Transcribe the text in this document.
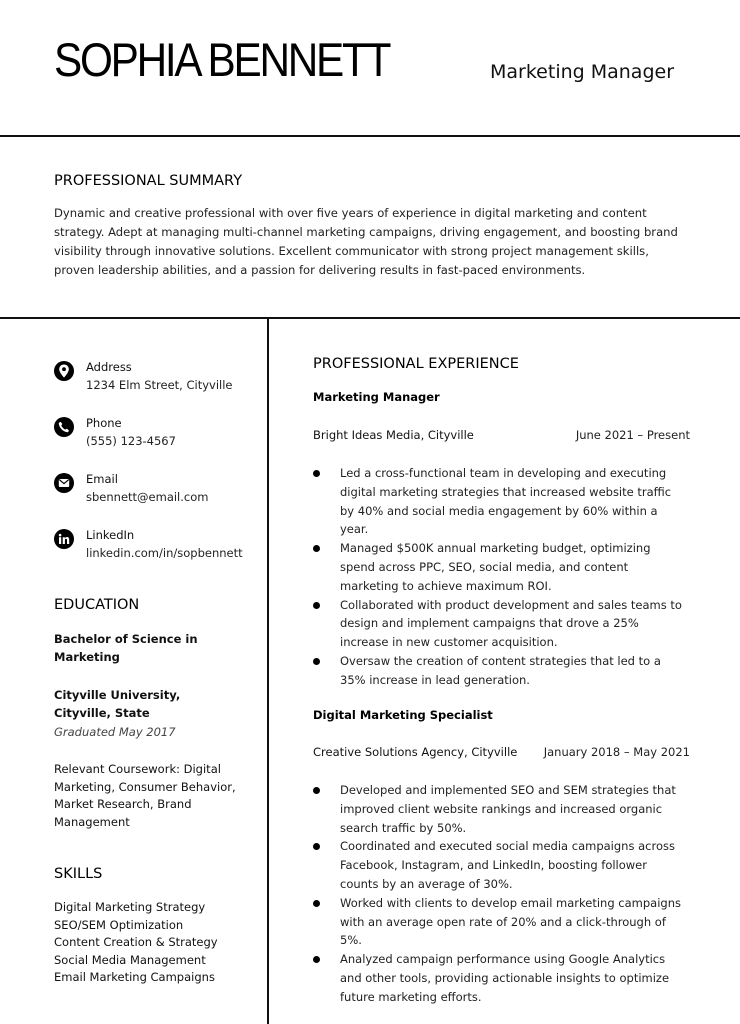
SOPHIA BENNETT	Marketing Manager
PROFESSIONAL SUMMARY

Dynamic and creative professional with over five years of experience in digital marketing and content strategy. Adept at managing multi-channel marketing campaigns, driving engagement, and boosting brand visibility through innovative solutions. Excellent communicator with strong project management skills, proven leadership abilities, and a passion for delivering results in fast-paced environments.

Address
1234 Elm Street, Cityville
Phone
(555) 123-4567
Email
sbennett@email.com
LinkedIn
linkedin.com/in/sopbennett
EDUCATION

Bachelor of Science in Marketing

Cityville University, Cityville, State

Graduated May 2017

Relevant Coursework: Digital Marketing, Consumer Behavior, Market Research, Brand Management

SKILLS
Digital Marketing Strategy
SEO/SEM Optimization
Content Creation & Strategy
Social Media Management
Email Marketing Campaigns
PROFESSIONAL EXPERIENCE
Marketing Manager
Bright Ideas Media, Cityville	June 2021 – Present
Led a cross-functional team in developing and executing digital marketing strategies that increased website traffic by 40% and social media engagement by 60% within a year.
Managed $500K annual marketing budget, optimizing spend across PPC, SEO, social media, and content marketing to achieve maximum ROI.
Collaborated with product development and sales teams to design and implement campaigns that drove a 25% increase in new customer acquisition.
Oversaw the creation of content strategies that led to a 35% increase in lead generation.
Digital Marketing Specialist
Creative Solutions Agency, Cityville January 2018 – May 2021
Developed and implemented SEO and SEM strategies that improved client website rankings and increased organic search traffic by 50%.
Coordinated and executed social media campaigns across Facebook, Instagram, and LinkedIn, boosting follower counts by an average of 30%.
Worked with clients to develop email marketing campaigns with an average open rate of 20% and a click-through of 5%.
Analyzed campaign performance using Google Analytics and other tools, providing actionable insights to optimize future marketing efforts.
